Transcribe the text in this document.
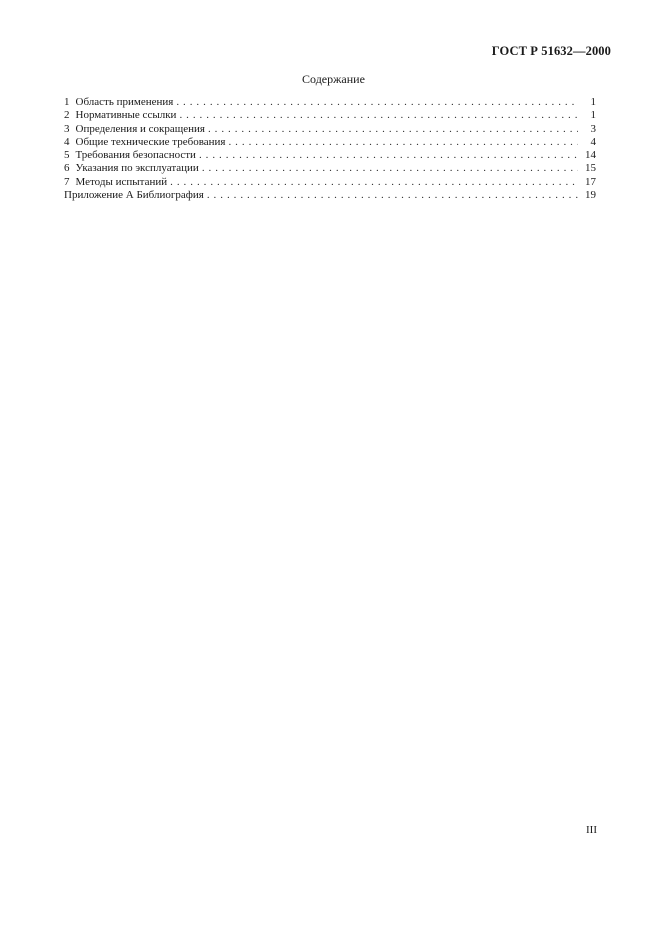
ГОСТ Р 51632—2000
Содержание
1 Область применения . . .	1
2 Нормативные ссылки . . .	1
3 Определения и сокращения . . .	3
4 Общие технические требования . . .	4
5 Требования безопасности . . .	14
6 Указания по эксплуатации . . .	15
7 Методы испытаний . . .	17
Приложение А Библиография . . .	19
III
